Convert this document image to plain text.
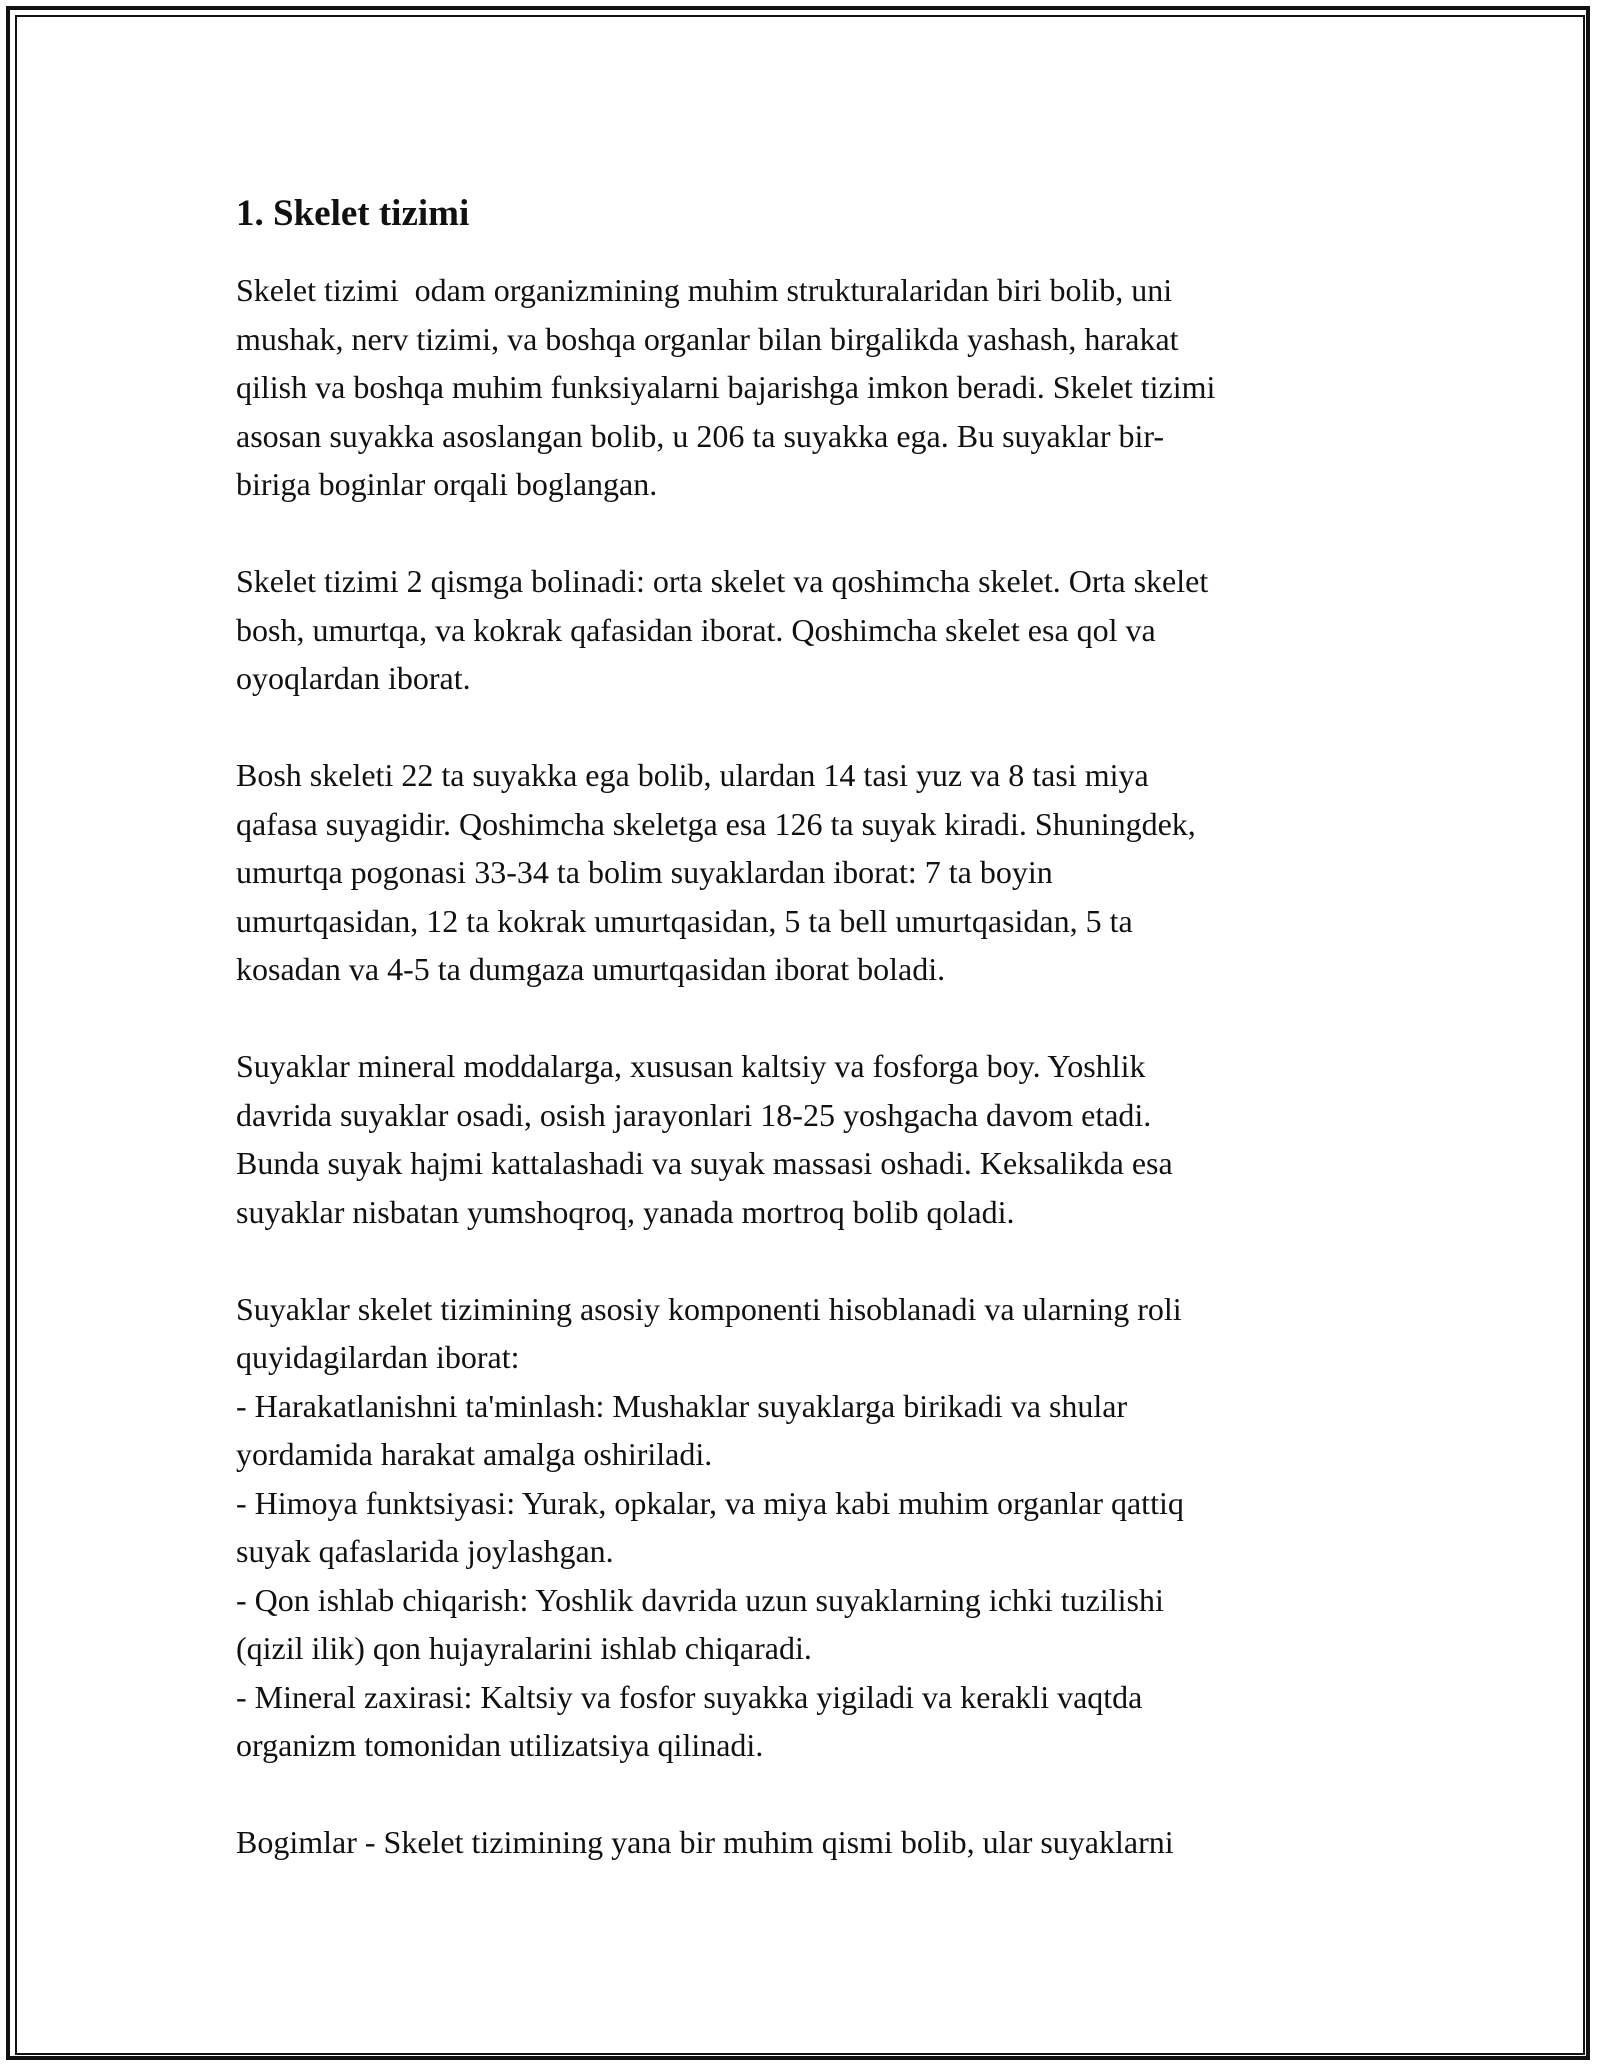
1. Skelet tizimi

Skelet tizimi  odam organizmining muhim strukturalaridan biri bolib, uni
mushak, nerv tizimi, va boshqa organlar bilan birgalikda yashash, harakat
qilish va boshqa muhim funksiyalarni bajarishga imkon beradi. Skelet tizimi
asosan suyakka asoslangan bolib, u 206 ta suyakka ega. Bu suyaklar bir-
biriga boginlar orqali boglangan.

Skelet tizimi 2 qismga bolinadi: orta skelet va qoshimcha skelet. Orta skelet
bosh, umurtqa, va kokrak qafasidan iborat. Qoshimcha skelet esa qol va
oyoqlardan iborat.

Bosh skeleti 22 ta suyakka ega bolib, ulardan 14 tasi yuz va 8 tasi miya
qafasa suyagidir. Qoshimcha skeletga esa 126 ta suyak kiradi. Shuningdek,
umurtqa pogonasi 33-34 ta bolim suyaklardan iborat: 7 ta boyin
umurtqasidan, 12 ta kokrak umurtqasidan, 5 ta bell umurtqasidan, 5 ta
kosadan va 4-5 ta dumgaza umurtqasidan iborat boladi.

Suyaklar mineral moddalarga, xususan kaltsiy va fosforga boy. Yoshlik
davrida suyaklar osadi, osish jarayonlari 18-25 yoshgacha davom etadi.
Bunda suyak hajmi kattalashadi va suyak massasi oshadi. Keksalikda esa
suyaklar nisbatan yumshoqroq, yanada mortroq bolib qoladi.

Suyaklar skelet tizimining asosiy komponenti hisoblanadi va ularning roli
quyidagilardan iborat:
- Harakatlanishni ta'minlash: Mushaklar suyaklarga birikadi va shular
yordamida harakat amalga oshiriladi.
- Himoya funktsiyasi: Yurak, opkalar, va miya kabi muhim organlar qattiq
suyak qafaslarida joylashgan.
- Qon ishlab chiqarish: Yoshlik davrida uzun suyaklarning ichki tuzilishi
(qizil ilik) qon hujayralarini ishlab chiqaradi.
- Mineral zaxirasi: Kaltsiy va fosfor suyakka yigiladi va kerakli vaqtda
organizm tomonidan utilizatsiya qilinadi.

Bogimlar - Skelet tizimining yana bir muhim qismi bolib, ular suyaklarni
